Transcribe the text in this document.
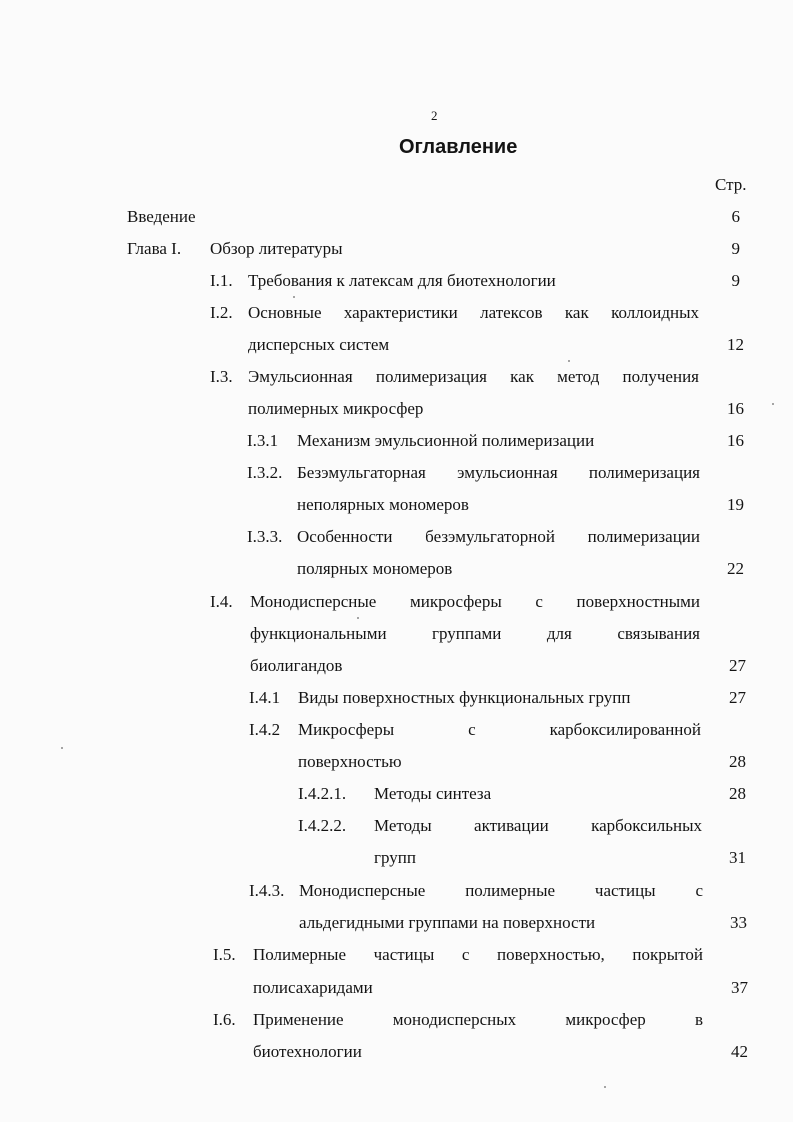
2
Оглавление
Стр.
Введение	6
Глава I. Обзор литературы	9
I.1. Требования к латексам для биотехнологии	9
I.2. Основные характеристики латексов как коллоидных
дисперсных систем	12
I.3. Эмульсионная полимеризация как метод получения
полимерных микросфер	16
I.3.1 Механизм эмульсионной полимеризации	16
I.3.2. Безэмульгаторная эмульсионная полимеризация
неполярных мономеров	19
I.3.3. Особенности безэмульгаторной полимеризации
полярных мономеров	22
I.4. Монодисперсные микросферы с поверхностными
функциональными группами для связывания
биолигандов	27
I.4.1 Виды поверхностных функциональных групп	27
I.4.2 Микросферы с карбоксилированной
поверхностью	28
I.4.2.1. Методы синтеза	28
I.4.2.2. Методы активации карбоксильных
групп	31
I.4.3. Монодисперсные полимерные частицы с
альдегидными группами на поверхности	33
I.5. Полимерные частицы с поверхностью, покрытой
полисахаридами	37
I.6. Применение монодисперсных микросфер в
биотехнологии	42
